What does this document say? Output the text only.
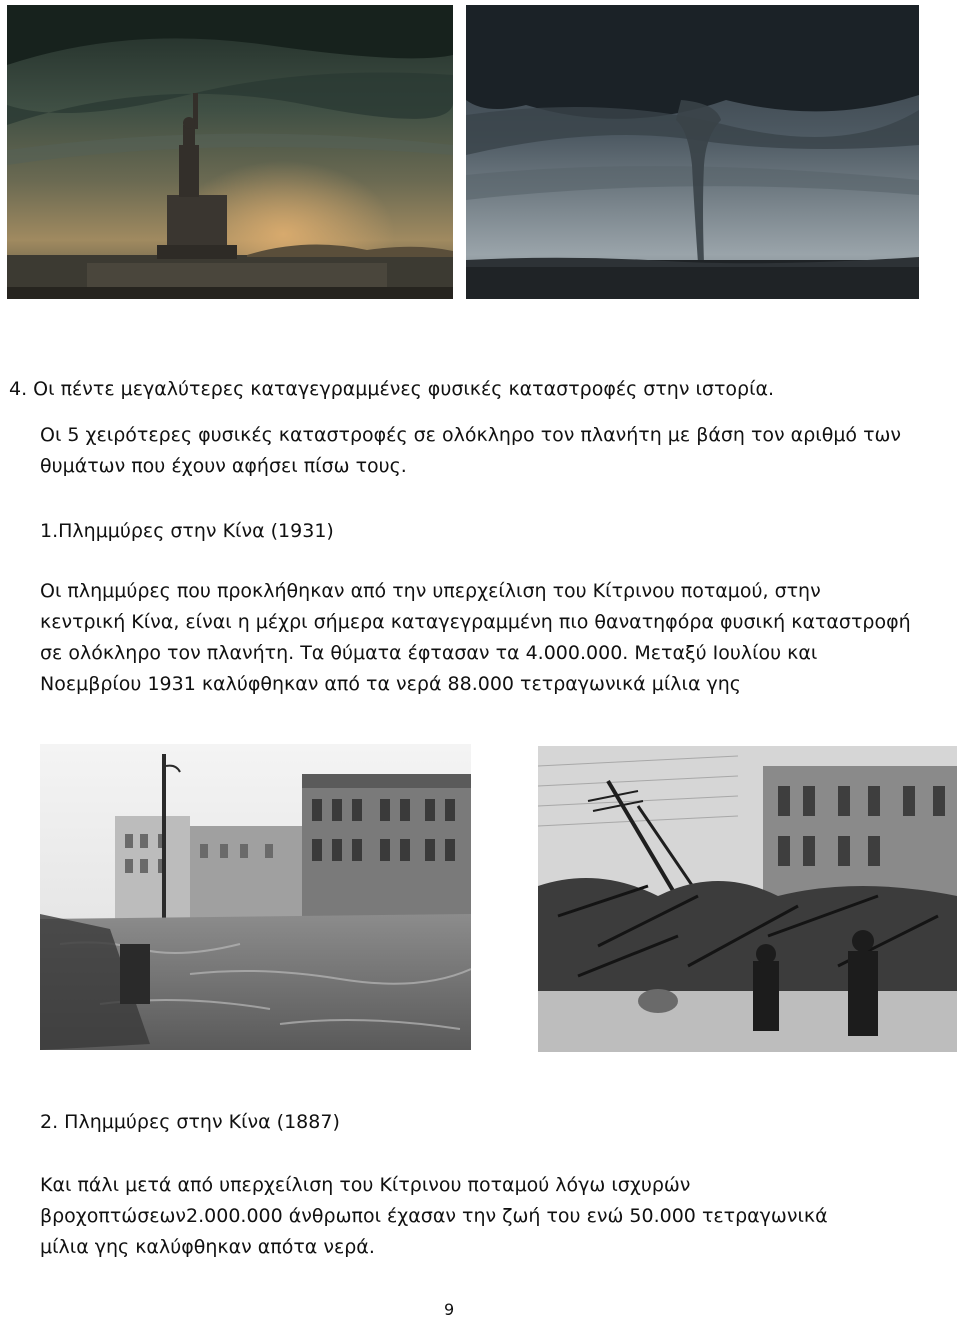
4. Οι πέντε μεγαλύτερες καταγεγραμμένες φυσικές καταστροφές στην ιστορία.
Οι 5 χειρότερες φυσικές καταστροφές σε ολόκληρο τον πλανήτη με βάση τον αριθμό των
θυμάτων που έχουν αφήσει πίσω τους.
1.Πλημμύρες στην Κίνα (1931)
Οι πλημμύρες που προκλήθηκαν από την υπερχείλιση του Κίτρινου ποταμού, στην
κεντρική Κίνα, είναι η μέχρι σήμερα καταγεγραμμένη πιο θανατηφόρα φυσική καταστροφή
σε ολόκληρο τον πλανήτη. Τα θύματα έφτασαν τα 4.000.000. Μεταξύ Ιουλίου και
Νοεμβρίου 1931 καλύφθηκαν από τα νερά 88.000 τετραγωνικά μίλια γης
2. Πλημμύρες στην Κίνα (1887)
Και πάλι μετά από υπερχείλιση του Κίτρινου ποταμού λόγω ισχυρών
βροχοπτώσεων2.000.000 άνθρωποι έχασαν την ζωή του ενώ 50.000 τετραγωνικά
μίλια γης καλύφθηκαν απότα νερά.
9
